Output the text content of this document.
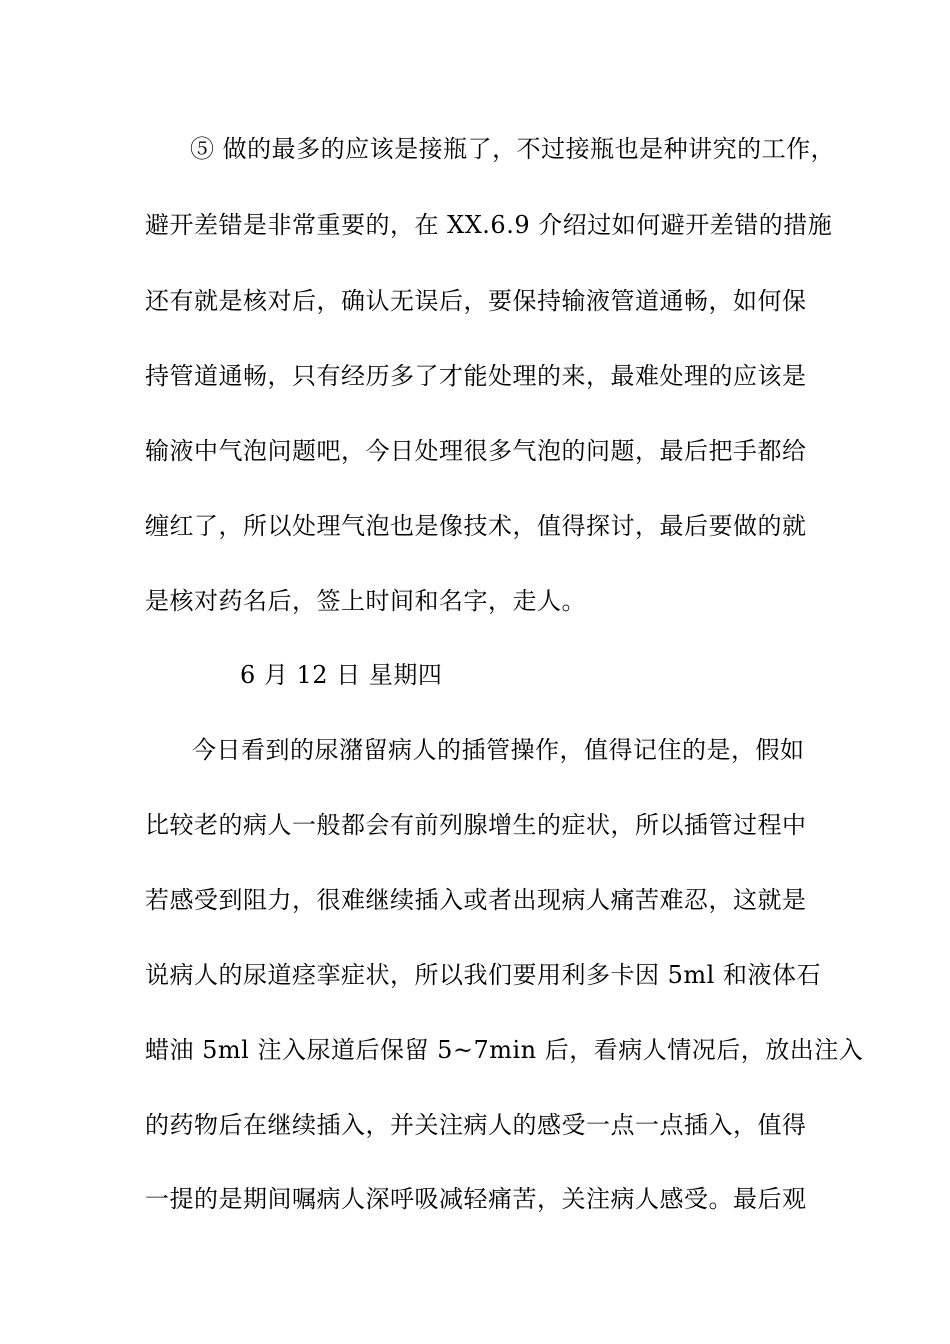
⑤ 做的最多的应该是接瓶了，不过接瓶也是种讲究的工作，
避开差错是非常重要的，在 XX.6.9 介绍过如何避开差错的措施
还有就是核对后，确认无误后，要保持输液管道通畅，如何保
持管道通畅，只有经历多了才能处理的来，最难处理的应该是
输液中气泡问题吧，今日处理很多气泡的问题，最后把手都给
缠红了，所以处理气泡也是像技术，值得探讨，最后要做的就
是核对药名后，签上时间和名字，走人。
6 月 12 日 星期四
今日看到的尿潴留病人的插管操作，值得记住的是，假如
比较老的病人一般都会有前列腺增生的症状，所以插管过程中
若感受到阻力，很难继续插入或者出现病人痛苦难忍，这就是
说病人的尿道痉挛症状，所以我们要用利多卡因 5ml 和液体石
蜡油 5ml 注入尿道后保留 5~7min 后，看病人情况后，放出注入
的药物后在继续插入，并关注病人的感受一点一点插入，值得
一提的是期间嘱病人深呼吸减轻痛苦，关注病人感受。最后观
